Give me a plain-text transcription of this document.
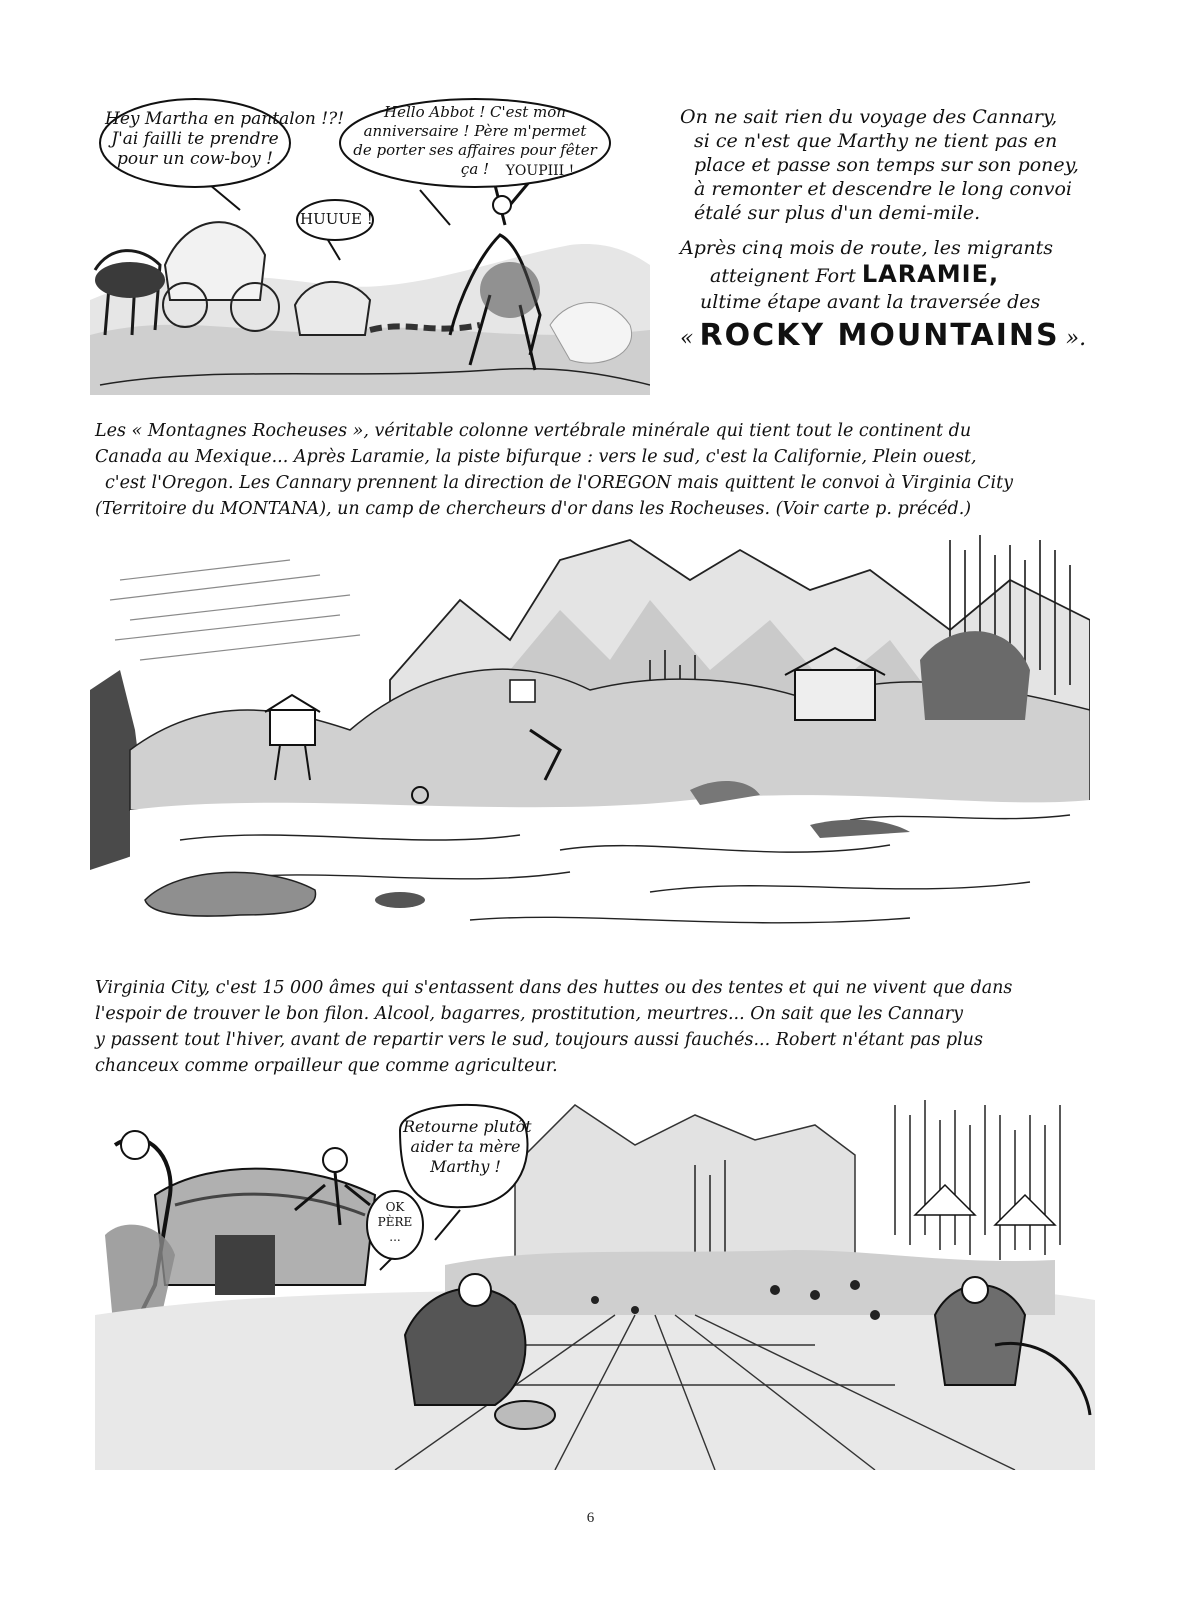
Hey Martha en pantalon !?!
J'ai failli te prendre
pour un cow-boy !
Hello Abbot ! C'est mon
anniversaire ! Père m'permet
de porter ses affaires pour fêter
ça !
HUUUE !
YOUPIII !
On ne sait rien du voyage des Cannary,
si ce n'est que Marthy ne tient pas en
place et passe son temps sur son poney,
à remonter et descendre le long convoi
étalé sur plus d'un demi-mile.
Après cinq mois de route, les migrants
atteignent Fort LARAMIE,
ultime étape avant la traversée des
« ROCKY MOUNTAINS ».
Les « Montagnes Rocheuses », véritable colonne vertébrale minérale qui tient tout le continent du
Canada au Mexique... Après Laramie, la piste bifurque : vers le sud, c'est la Californie, Plein ouest,
c'est l'Oregon. Les Cannary prennent la direction de l'OREGON mais quittent le convoi à Virginia City
(Territoire du MONTANA), un camp de chercheurs d'or dans les Rocheuses. (Voir carte p. précéd.)
Virginia City, c'est 15 000 âmes qui s'entassent dans des huttes ou des tentes et qui ne vivent que dans
l'espoir de trouver le bon filon. Alcool, bagarres, prostitution, meurtres... On sait que les Cannary
y passent tout l'hiver, avant de repartir vers le sud, toujours aussi fauchés... Robert n'étant pas plus
chanceux comme orpailleur que comme agriculteur.
Retourne plutôt
aider ta mère
Marthy !
OK
PÈRE
...
6
